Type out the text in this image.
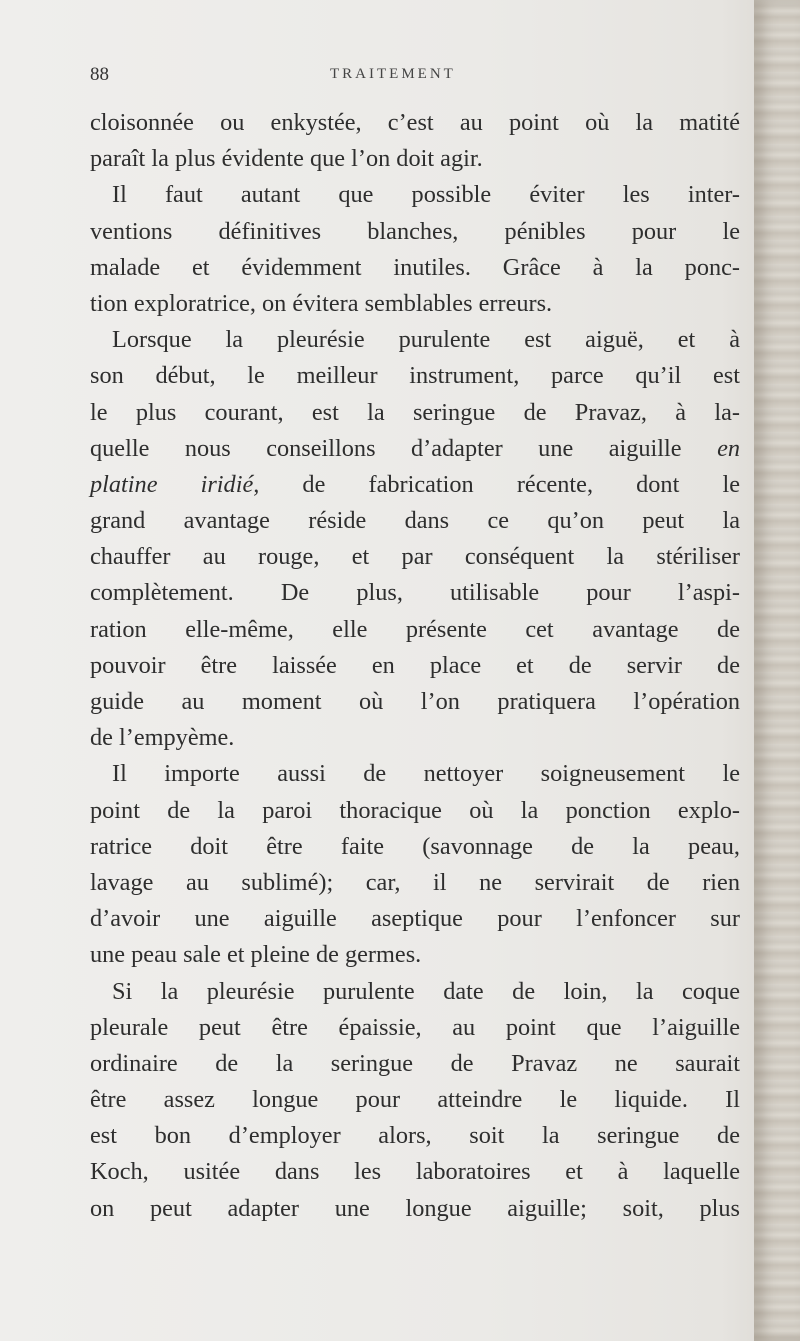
88	TRAITEMENT
cloisonnée ou enkystée, c’est au point où la matité
paraît la plus évidente que l’on doit agir.
Il faut autant que possible éviter les inter-
ventions définitives blanches, pénibles pour le
malade et évidemment inutiles. Grâce à la ponc-
tion exploratrice, on évitera semblables erreurs.
Lorsque la pleurésie purulente est aiguë, et à
son début, le meilleur instrument, parce qu’il est
le plus courant, est la seringue de Pravaz, à la-
quelle nous conseillons d’adapter une aiguille en
platine iridié, de fabrication récente, dont le
grand avantage réside dans ce qu’on peut la
chauffer au rouge, et par conséquent la stériliser
complètement. De plus, utilisable pour l’aspi-
ration elle-même, elle présente cet avantage de
pouvoir être laissée en place et de servir de
guide au moment où l’on pratiquera l’opération
de l’empyème.
Il importe aussi de nettoyer soigneusement le
point de la paroi thoracique où la ponction explo-
ratrice doit être faite (savonnage de la peau,
lavage au sublimé); car, il ne servirait de rien
d’avoir une aiguille aseptique pour l’enfoncer sur
une peau sale et pleine de germes.
Si la pleurésie purulente date de loin, la coque
pleurale peut être épaissie, au point que l’aiguille
ordinaire de la seringue de Pravaz ne saurait
être assez longue pour atteindre le liquide. Il
est bon d’employer alors, soit la seringue de
Koch, usitée dans les laboratoires et à laquelle
on peut adapter une longue aiguille; soit, plus
